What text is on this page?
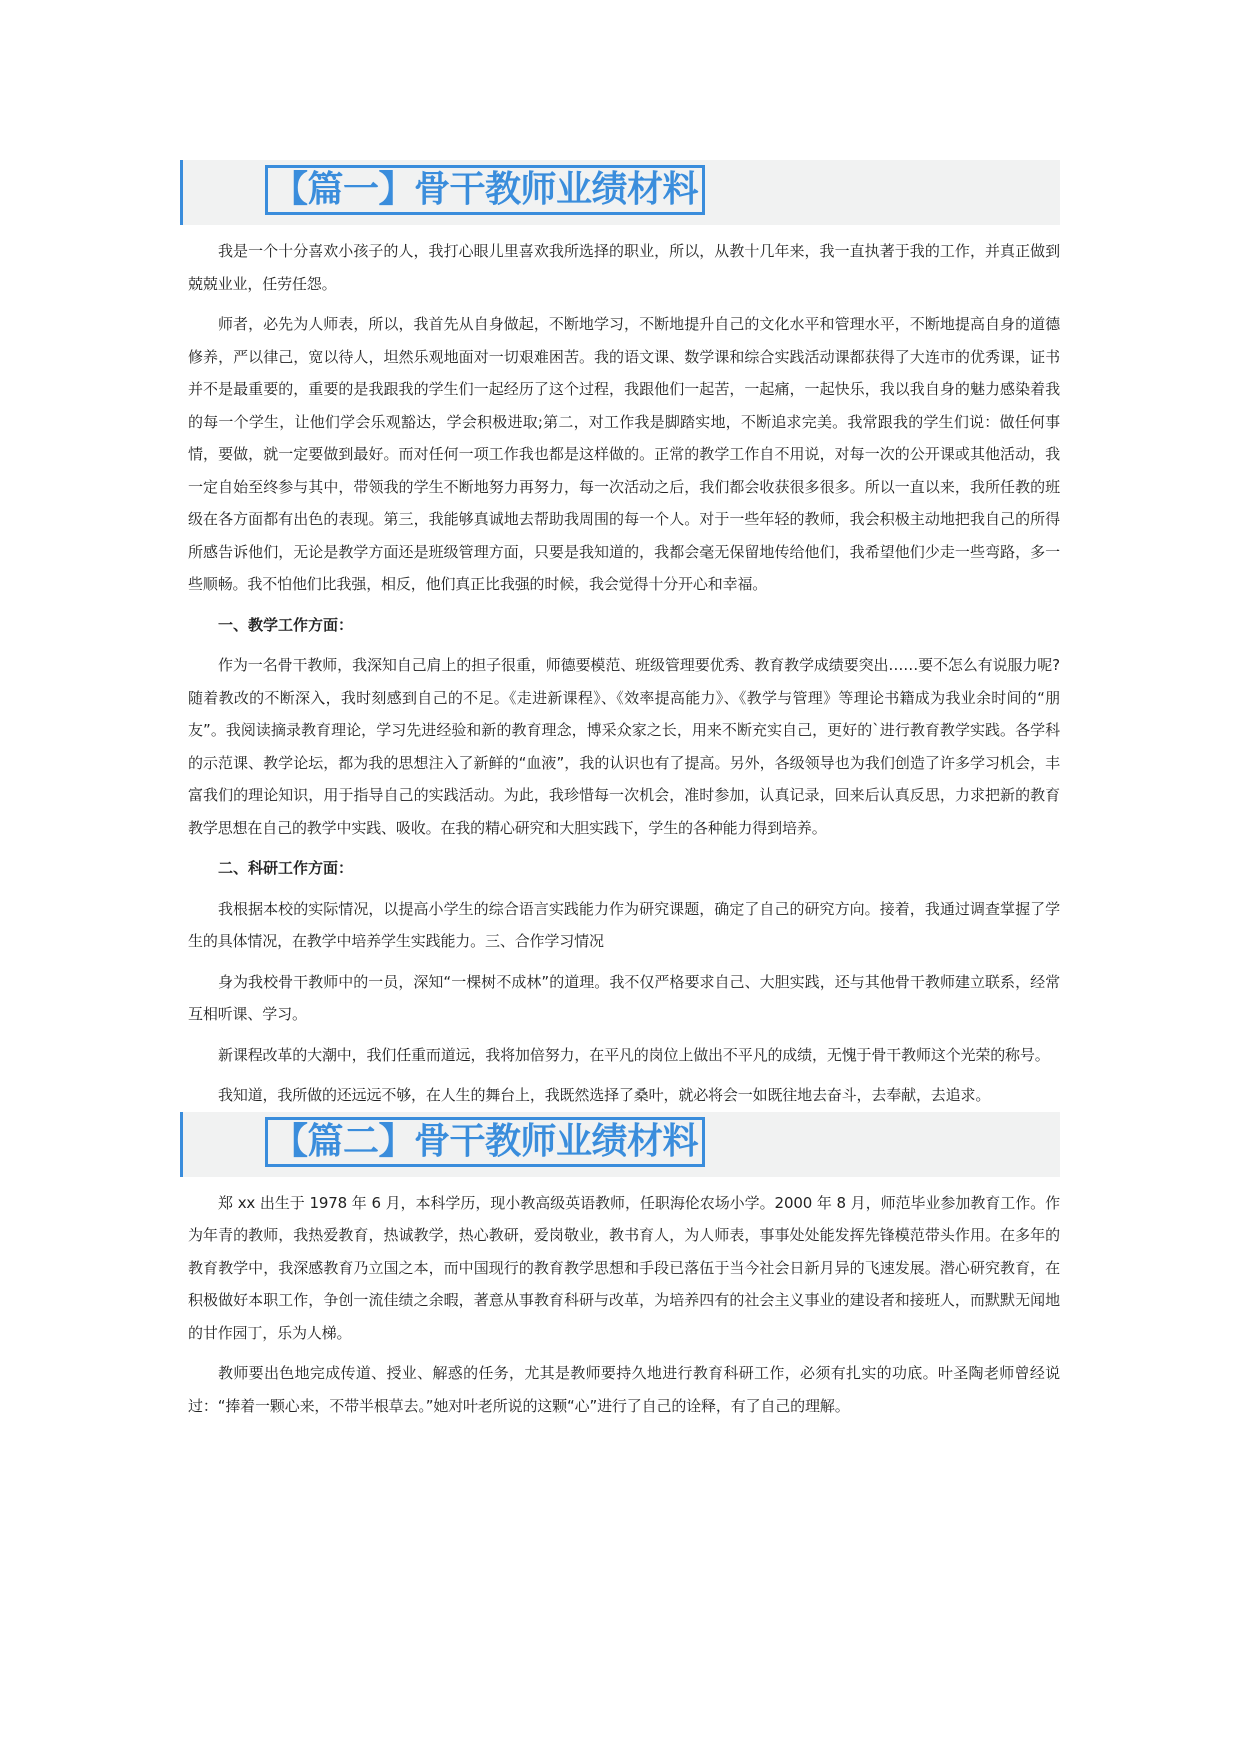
【篇一】骨干教师业绩材料

我是一个十分喜欢小孩子的人，我打心眼儿里喜欢我所选择的职业，所以，从教十几年来，我一直执著于我的工作，并真正做到兢兢业业，任劳任怨。

师者，必先为人师表，所以，我首先从自身做起，不断地学习，不断地提升自己的文化水平和管理水平，不断地提高自身的道德修养，严以律己，宽以待人，坦然乐观地面对一切艰难困苦。我的语文课、数学课和综合实践活动课都获得了大连市的优秀课，证书并不是最重要的，重要的是我跟我的学生们一起经历了这个过程，我跟他们一起苦，一起痛，一起快乐，我以我自身的魅力感染着我的每一个学生，让他们学会乐观豁达，学会积极进取;第二，对工作我是脚踏实地，不断追求完美。我常跟我的学生们说：做任何事情，要做，就一定要做到最好。而对任何一项工作我也都是这样做的。正常的教学工作自不用说，对每一次的公开课或其他活动，我一定自始至终参与其中，带领我的学生不断地努力再努力，每一次活动之后，我们都会收获很多很多。所以一直以来，我所任教的班级在各方面都有出色的表现。第三，我能够真诚地去帮助我周围的每一个人。对于一些年轻的教师，我会积极主动地把我自己的所得所感告诉他们，无论是教学方面还是班级管理方面，只要是我知道的，我都会毫无保留地传给他们，我希望他们少走一些弯路，多一些顺畅。我不怕他们比我强，相反，他们真正比我强的时候，我会觉得十分开心和幸福。

一、教学工作方面：

作为一名骨干教师，我深知自己肩上的担子很重，师德要模范、班级管理要优秀、教育教学成绩要突出……要不怎么有说服力呢?随着教改的不断深入，我时刻感到自己的不足。《走进新课程》、《效率提高能力》、《教学与管理》等理论书籍成为我业余时间的“朋友”。我阅读摘录教育理论，学习先进经验和新的教育理念，博采众家之长，用来不断充实自己，更好的`进行教育教学实践。各学科的示范课、教学论坛，都为我的思想注入了新鲜的“血液”，我的认识也有了提高。另外，各级领导也为我们创造了许多学习机会，丰富我们的理论知识，用于指导自己的实践活动。为此，我珍惜每一次机会，准时参加，认真记录，回来后认真反思，力求把新的教育教学思想在自己的教学中实践、吸收。在我的精心研究和大胆实践下，学生的各种能力得到培养。

二、科研工作方面：

我根据本校的实际情况，以提高小学生的综合语言实践能力作为研究课题，确定了自己的研究方向。接着，我通过调查掌握了学生的具体情况，在教学中培养学生实践能力。三、合作学习情况

身为我校骨干教师中的一员，深知“一棵树不成林”的道理。我不仅严格要求自己、大胆实践，还与其他骨干教师建立联系，经常互相听课、学习。

新课程改革的大潮中，我们任重而道远，我将加倍努力，在平凡的岗位上做出不平凡的成绩，无愧于骨干教师这个光荣的称号。

我知道，我所做的还远远不够，在人生的舞台上，我既然选择了桑叶，就必将会一如既往地去奋斗，去奉献，去追求。

【篇二】骨干教师业绩材料

郑 xx 出生于 1978 年 6 月，本科学历，现小教高级英语教师，任职海伦农场小学。2000 年 8 月，师范毕业参加教育工作。作为年青的教师，我热爱教育，热诚教学，热心教研，爱岗敬业，教书育人，为人师表，事事处处能发挥先锋模范带头作用。在多年的教育教学中，我深感教育乃立国之本，而中国现行的教育教学思想和手段已落伍于当今社会日新月异的飞速发展。潜心研究教育，在积极做好本职工作，争创一流佳绩之余暇，著意从事教育科研与改革，为培养四有的社会主义事业的建设者和接班人，而默默无闻地的甘作园丁，乐为人梯。

教师要出色地完成传道、授业、解惑的任务，尤其是教师要持久地进行教育科研工作，必须有扎实的功底。叶圣陶老师曾经说过：“捧着一颗心来，不带半根草去。”她对叶老所说的这颗“心”进行了自己的诠释，有了自己的理解。
